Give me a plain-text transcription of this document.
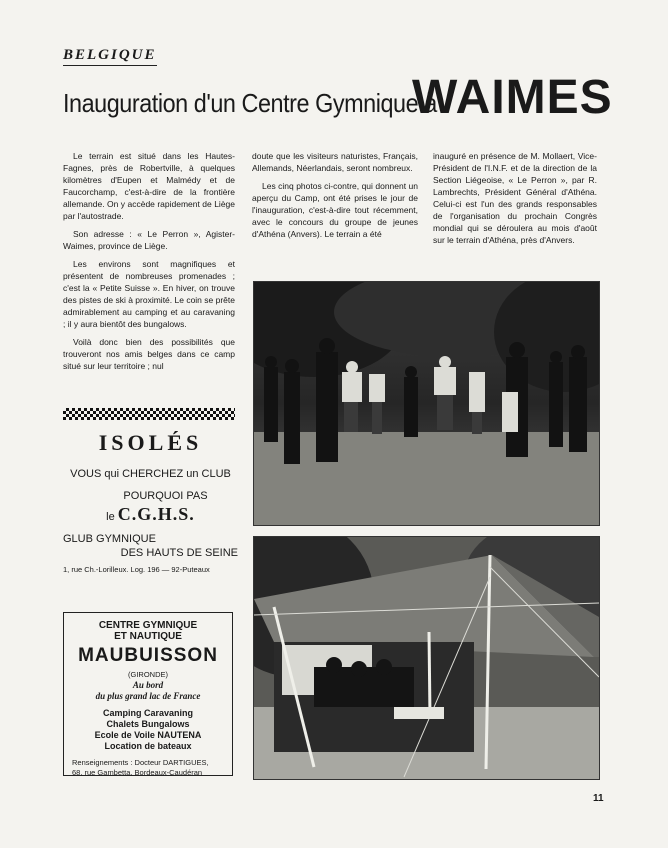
BELGIQUE
Inauguration d'un Centre Gymnique à
WAIMES

Le terrain est situé dans les Hautes-Fagnes, près de Robertville, à quelques kilomètres d'Eupen et Malmédy et de Faucorchamp, c'est-à-dire de la frontière allemande. On y accède rapidement de Liège par l'autostrade.

Son adresse : « Le Perron », Agister-Waimes, province de Liège.

Les environs sont magnifiques et présentent de nombreuses promenades ; c'est la « Petite Suisse ». En hiver, on trouve des pistes de ski à proximité. Le coin se prête admirablement au camping et au caravaning ; il y aura bientôt des bungalows.

Voilà donc bien des possibilités que trouveront nos amis belges dans ce camp situé sur leur territoire ; nul

doute que les visiteurs naturistes, Français, Allemands, Néerlandais, seront nombreux.

Les cinq photos ci-contre, qui donnent un aperçu du Camp, ont été prises le jour de l'inauguration, c'est-à-dire tout récemment, avec le concours du groupe de jeunes d'Athéna (Anvers). Le terrain a été

inauguré en présence de M. Mollaert, Vice-Président de l'I.N.F. et de la direction de la Section Liégeoise, « Le Perron », par R. Lambrechts, Président Général d'Athéna. Celui-ci est l'un des grands responsables de l'organisation du prochain Congrès mondial qui se déroulera au mois d'août sur le terrain d'Athéna, près d'Anvers.

ISOLÉS
VOUS qui CHERCHEZ un CLUB
POURQUOI PAS
le C.G.H.S.
GLUB GYMNIQUE
DES HAUTS DE SEINE
1, rue Ch.-Lorilleux. Log. 196 — 92-Puteaux
CENTRE GYMNIQUE
ET NAUTIQUE
MAUBUISSON
(GIRONDE)
Au bord
du plus grand lac de France
Camping Caravaning
Chalets Bungalows
Ecole de Voile NAUTENA
Location de bateaux
Renseignements : Docteur DARTIGUES,
68, rue Gambetta, Bordeaux-Caudéran
11
